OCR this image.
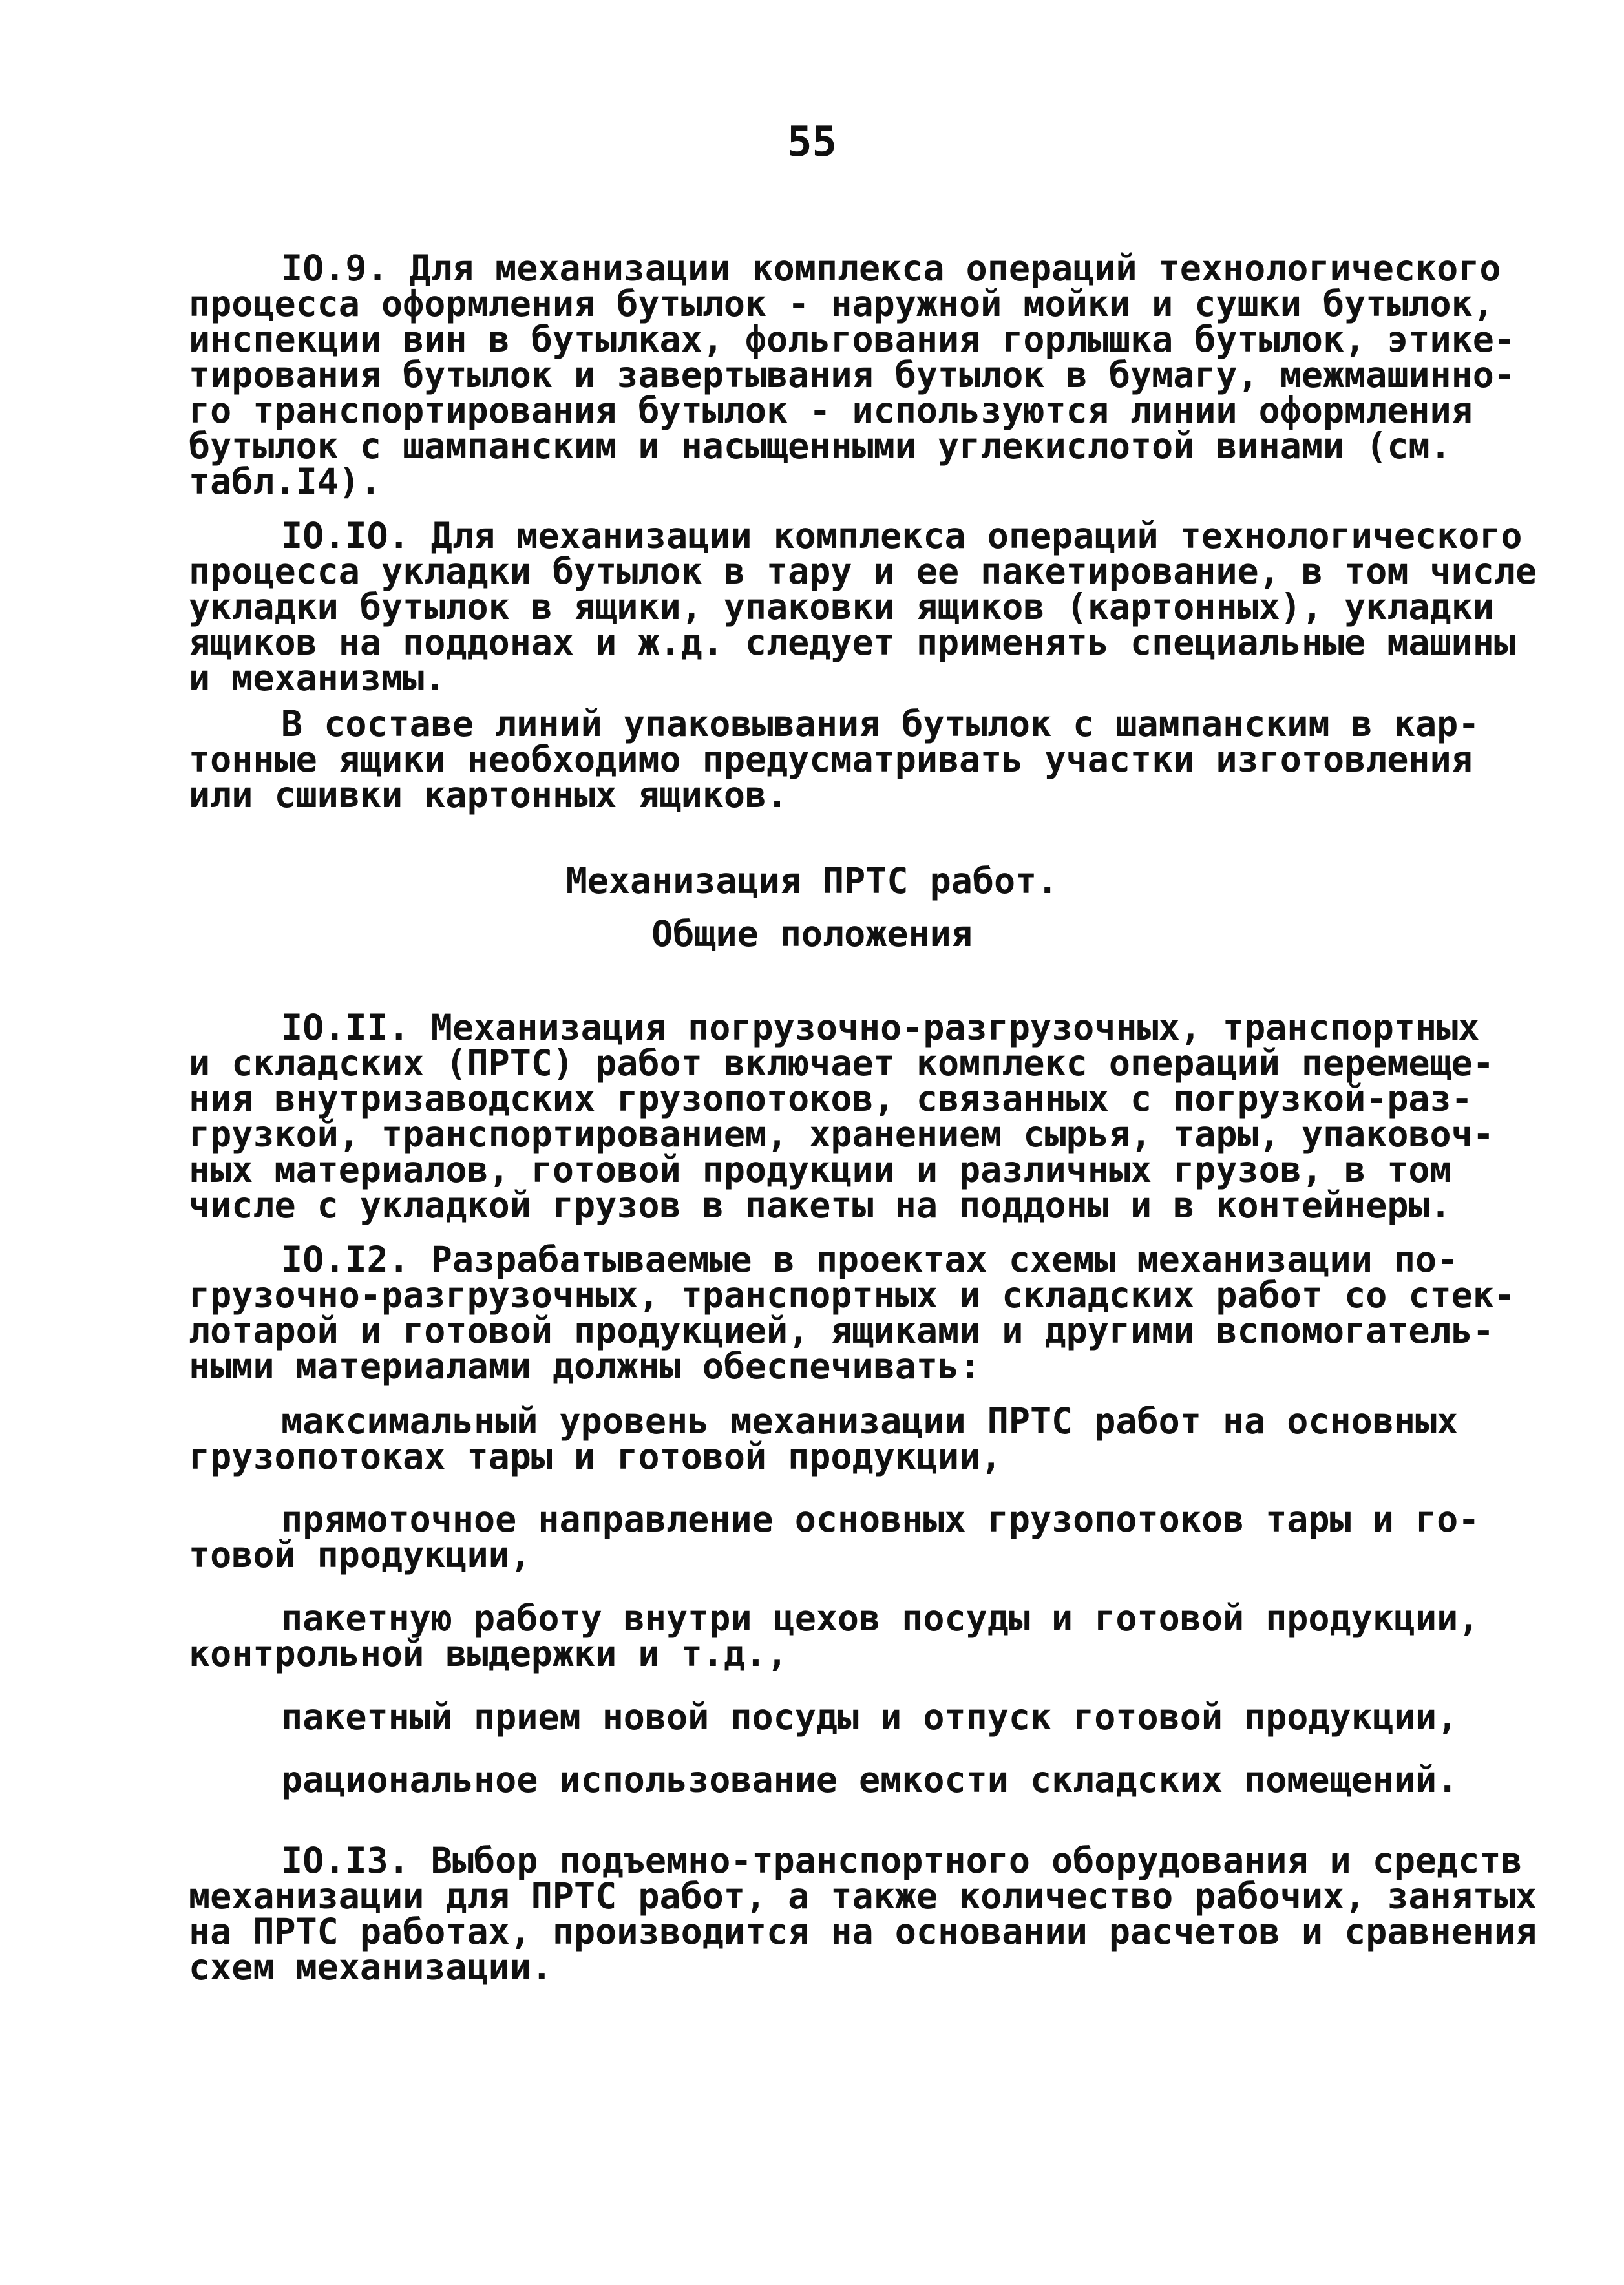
55
IO.9. Для механизации комплекса операций технологического
процесса оформления бутылок - наружной мойки и сушки бутылок,
инспекции вин в бутылках, фольгования горлышка бутылок, этике-
тирования бутылок и завертывания бутылок в бумагу, межмашинно-
го транспортирования бутылок - используются линии оформления
бутылок с шампанским и насыщенными углекислотой винами (см.
табл.I4).
IO.IO. Для механизации комплекса операций технологического
процесса укладки бутылок в тару и ее пакетирование, в том числе
укладки бутылок в ящики, упаковки ящиков (картонных), укладки
ящиков на поддонах и ж.д. следует применять специальные машины
и механизмы.
В составе линий упаковывания бутылок с шампанским в кар-
тонные ящики необходимо предусматривать участки изготовления
или сшивки картонных ящиков.
Механизация ПРТС работ.
Общие положения
IO.II. Механизация погрузочно-разгрузочных, транспортных
и складских (ПРТС) работ включает комплекс операций перемеще-
ния внутризаводских грузопотоков, связанных с погрузкой-раз-
грузкой, транспортированием, хранением сырья, тары, упаковоч-
ных материалов, готовой продукции и различных грузов, в том
числе с укладкой грузов в пакеты на поддоны и в контейнеры.
IO.I2. Разрабатываемые в проектах схемы механизации по-
грузочно-разгрузочных, транспортных и складских работ со стек-
лотарой и готовой продукцией, ящиками и другими вспомогатель-
ными материалами должны обеспечивать:
максимальный уровень механизации ПРТС работ на основных
грузопотоках тары и готовой продукции,
прямоточное направление основных грузопотоков тары и го-
товой продукции,
пакетную работу внутри цехов посуды и готовой продукции,
контрольной выдержки и т.д.,
пакетный прием новой посуды и отпуск готовой продукции,
рациональное использование емкости складских помещений.
IO.I3. Выбор подъемно-транспортного оборудования и средств
механизации для ПРТС работ, а также количество рабочих, занятых
на ПРТС работах, производится на основании расчетов и сравнения
схем механизации.
